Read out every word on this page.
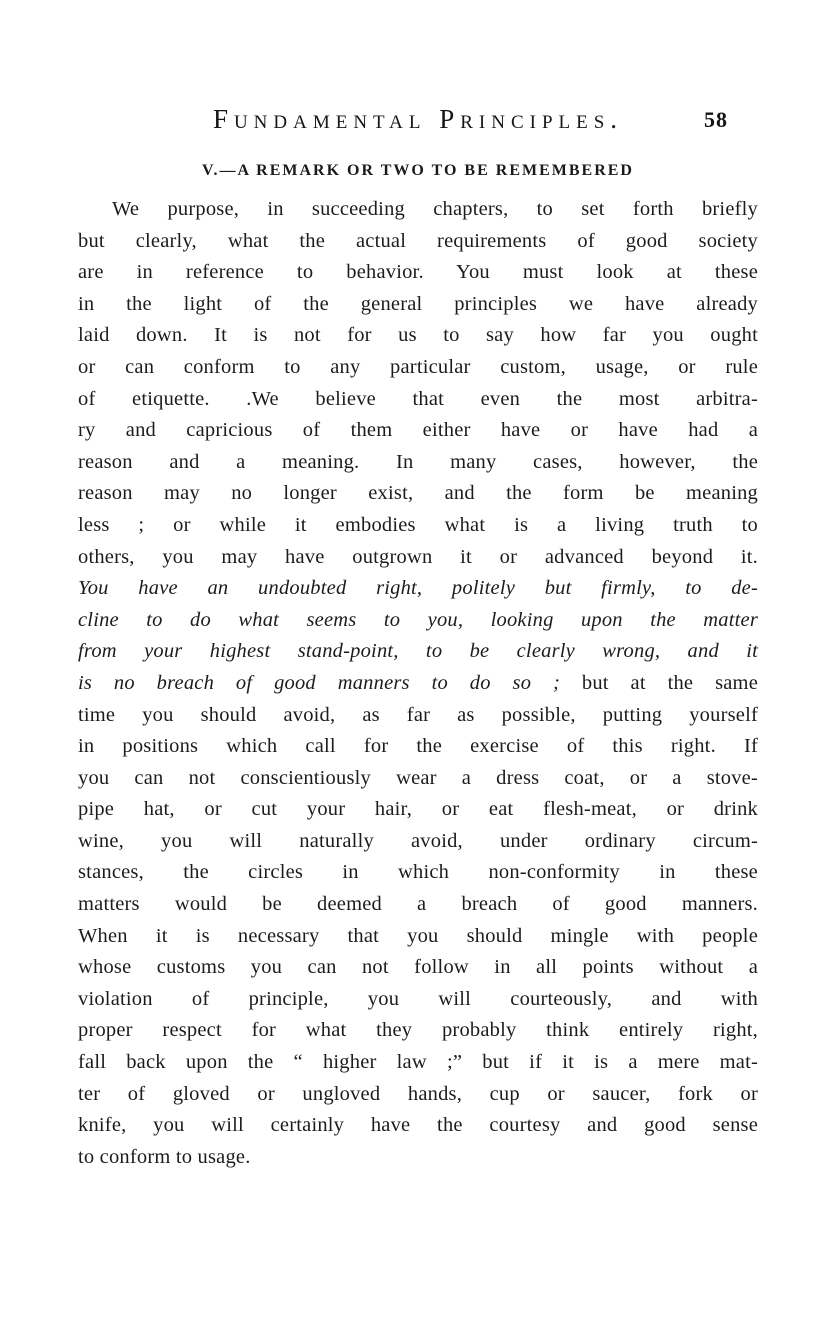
Fundamental Principles.	58
V.—A REMARK OR TWO TO BE REMEMBERED
We purpose, in succeeding chapters, to set forth briefly
but clearly, what the actual requirements of good society
are in reference to behavior. You must look at these
in the light of the general principles we have already
laid down. It is not for us to say how far you ought
or can conform to any particular custom, usage, or rule
of etiquette. .We believe that even the most arbitra-
ry and capricious of them either have or have had a
reason and a meaning. In many cases, however, the
reason may no longer exist, and the form be meaning
less ; or while it embodies what is a living truth to
others, you may have outgrown it or advanced beyond it.
You have an undoubted right, politely but firmly, to de-
cline to do what seems to you, looking upon the matter
from your highest stand-point, to be clearly wrong, and it
is no breach of good manners to do so ; but at the same
time you should avoid, as far as possible, putting yourself
in positions which call for the exercise of this right. If
you can not conscientiously wear a dress coat, or a stove-
pipe hat, or cut your hair, or eat flesh-meat, or drink
wine, you will naturally avoid, under ordinary circum-
stances, the circles in which non-conformity in these
matters would be deemed a breach of good manners.
When it is necessary that you should mingle with people
whose customs you can not follow in all points without a
violation of principle, you will courteously, and with
proper respect for what they probably think entirely right,
fall back upon the “ higher law ;” but if it is a mere mat-
ter of gloved or ungloved hands, cup or saucer, fork or
knife, you will certainly have the courtesy and good sense
to conform to usage.
